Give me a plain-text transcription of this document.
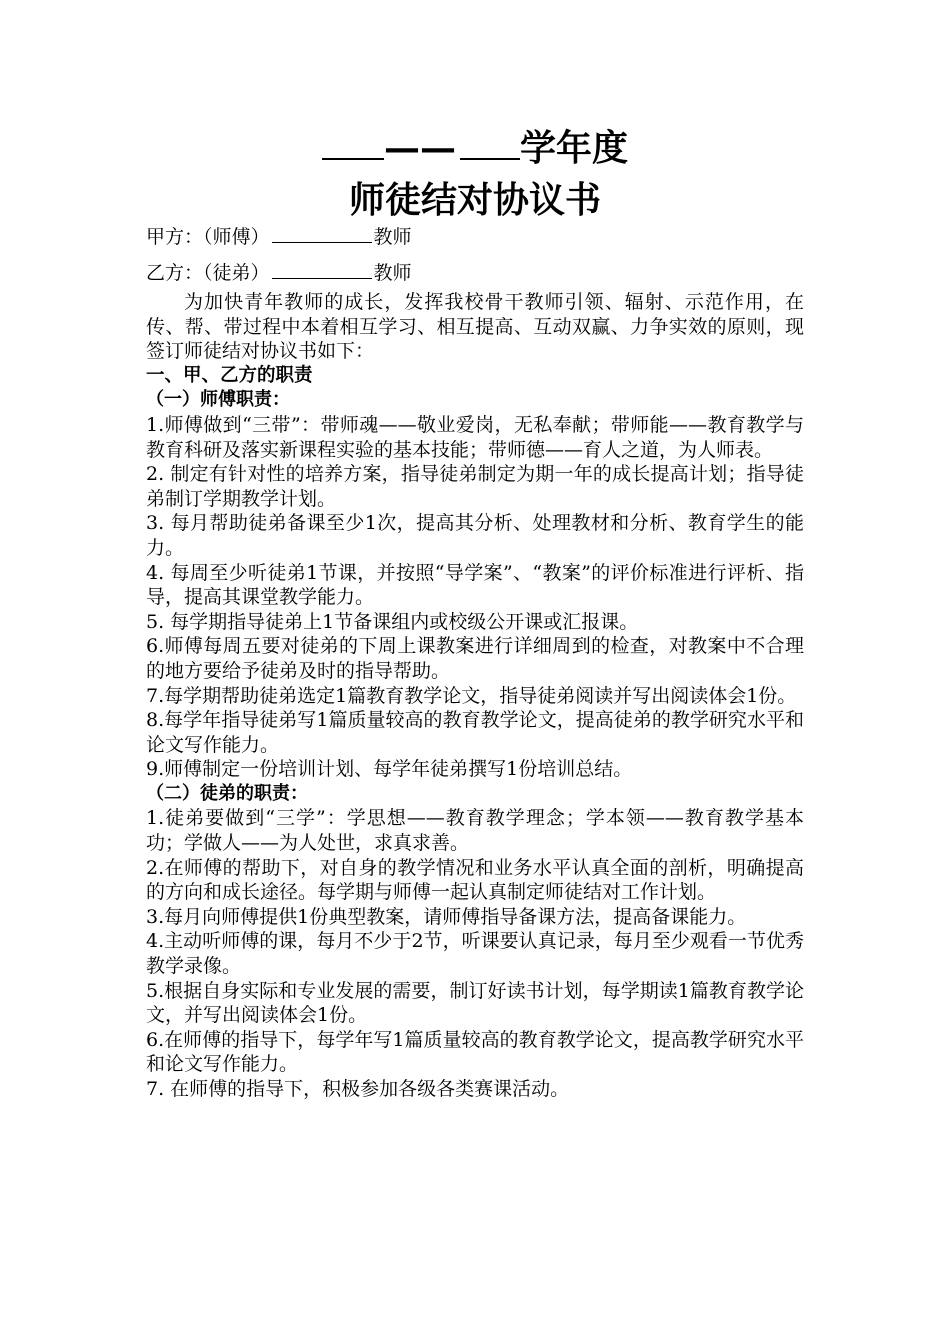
—— 学年度
师徒结对协议书
甲方：（师傅）	教师
乙方：（徒弟）	教师

为加快青年教师的成长，发挥我校骨干教师引领、辐射、示范作用，在传、帮、带过程中本着相互学习、相互提高、互动双赢、力争实效的原则，现签订师徒结对协议书如下：

一、甲、乙方的职责

（一）师傅职责：

1.师傅做到“三带”：带师魂——敬业爱岗，无私奉献；带师能——教育教学与教育科研及落实新课程实验的基本技能；带师德——育人之道，为人师表。

2. 制定有针对性的培养方案，指导徒弟制定为期一年的成长提高计划；指导徒弟制订学期教学计划。

3. 每月帮助徒弟备课至少1次，提高其分析、处理教材和分析、教育学生的能力。

4. 每周至少听徒弟1节课，并按照“导学案”、“教案”的评价标准进行评析、指导，提高其课堂教学能力。

5. 每学期指导徒弟上1节备课组内或校级公开课或汇报课。

6.师傅每周五要对徒弟的下周上课教案进行详细周到的检查，对教案中不合理的地方要给予徒弟及时的指导帮助。

7.每学期帮助徒弟选定1篇教育教学论文，指导徒弟阅读并写出阅读体会1份。

8.每学年指导徒弟写1篇质量较高的教育教学论文，提高徒弟的教学研究水平和论文写作能力。

9.师傅制定一份培训计划、每学年徒弟撰写1份培训总结。

（二）徒弟的职责：

1.徒弟要做到“三学”：学思想——教育教学理念；学本领——教育教学基本功；学做人——为人处世，求真求善。

2.在师傅的帮助下，对自身的教学情况和业务水平认真全面的剖析，明确提高的方向和成长途径。每学期与师傅一起认真制定师徒结对工作计划。

3.每月向师傅提供1份典型教案，请师傅指导备课方法，提高备课能力。

4.主动听师傅的课，每月不少于2节，听课要认真记录，每月至少观看一节优秀教学录像。

5.根据自身实际和专业发展的需要，制订好读书计划，每学期读1篇教育教学论文，并写出阅读体会1份。

6.在师傅的指导下，每学年写1篇质量较高的教育教学论文，提高教学研究水平和论文写作能力。

7. 在师傅的指导下，积极参加各级各类赛课活动。
